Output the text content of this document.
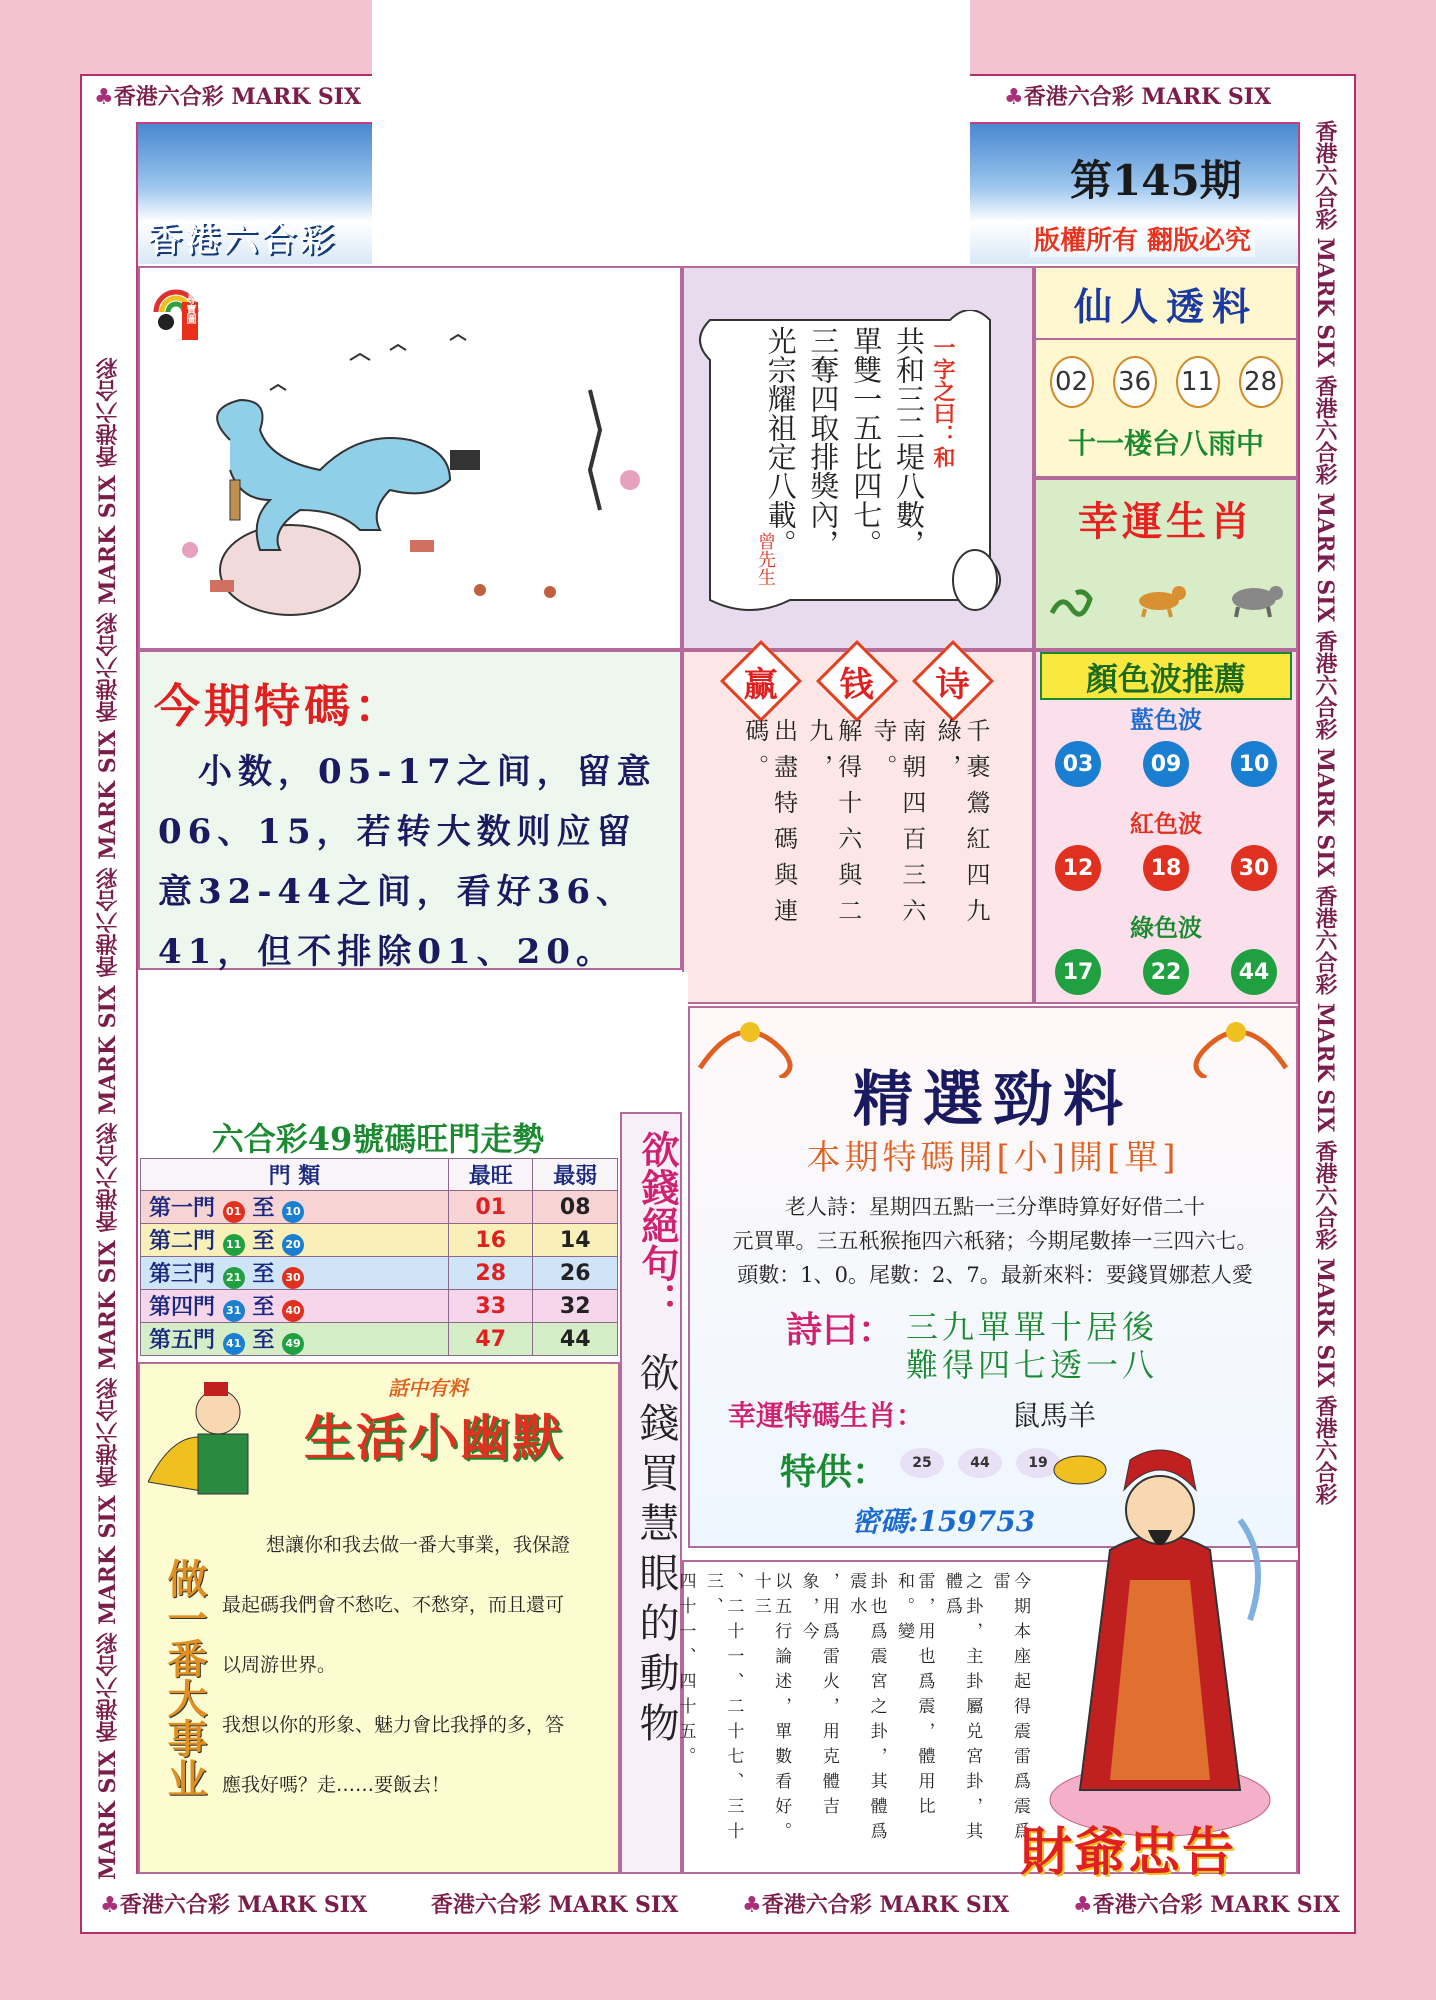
♣香港六合彩 MARK SIX	♣香港六合彩 MARK SIX
MARK SIX 香港六合彩 MARK SIX 香港六合彩 MARK SIX 香港六合彩 MARK SIX 香港六合彩 MARK SIX 香港六合彩 MARK SIX 香港六合彩	香港六合彩 MARK SIX 香港六合彩 MARK SIX 香港六合彩 MARK SIX 香港六合彩 MARK SIX 香港六合彩 MARK SIX 香港六合彩
♣香港六合彩 MARK SIX	香港六合彩 MARK SIX	♣香港六合彩 MARK SIX	♣香港六合彩 MARK SIX
香港六合彩
第145期
版權所有 翻版必究
尋寶圖
一字之曰：和
共和三二堤八數，
單雙一五比四七。
三奪四取排獎內，
光宗耀祖定八載。
曾先生
仙人透料
02 36 11 28
十一楼台八雨中
幸運生肖
今期特碼：
小数，05-17之间，留意06、15，若转大数则应留意32-44之间，看好36、41，但不排除01、20。
赢 钱 诗
千裹鶯紅四九綠，
南朝四百三六寺。
解得十六與二九，
出盡特碼與連碼。
顏色波推薦
藍色波
03	09	10
紅色波
12	18	30
綠色波
17	22	44
六合彩49號碼旺門走勢
門 類	最旺	最弱
第一門 01 至 10	01	08
第二門 11 至 20	16	14
第三門 21 至 30	28	26
第四門 31 至 40	33	32
第五門 41 至 49	47	44
欲錢絕句：
欲錢買慧眼的動物
精選勁料
本期特碼開[小]開[單]
老人詩：星期四五點一三分準時算好好借二十
元買單。三五秖猴拖四六秖豬；今期尾數捧一三四六七。
頭數：1、0。尾數：2、7。最新來料：要錢買娜惹人愛
詩曰： 三九單單十居後
難得四七透一八
幸運特碼生肖：	鼠馬羊
特供：	25	44	19
密碼:159753
話中有料
生活小幽默
做一番大事业
想讓你和我去做一番大事業，我保證
最起碼我們會不愁吃、不愁穿，而且還可
以周游世界。
我想以你的形象、魅力會比我掙的多，答
應我好嗎？走……要飯去！	今期本座起得震雷爲震爲雷
之卦，主卦屬兑宮卦，其體爲
雷，用也爲震，體用比和。變
卦也爲震宮之卦，其體爲震水
，用爲雷火，用克體吉象，今
以五行論述，單數看好。十三
、二十一、二十七、三十三、
四十一、四十五。
財爺忠告
